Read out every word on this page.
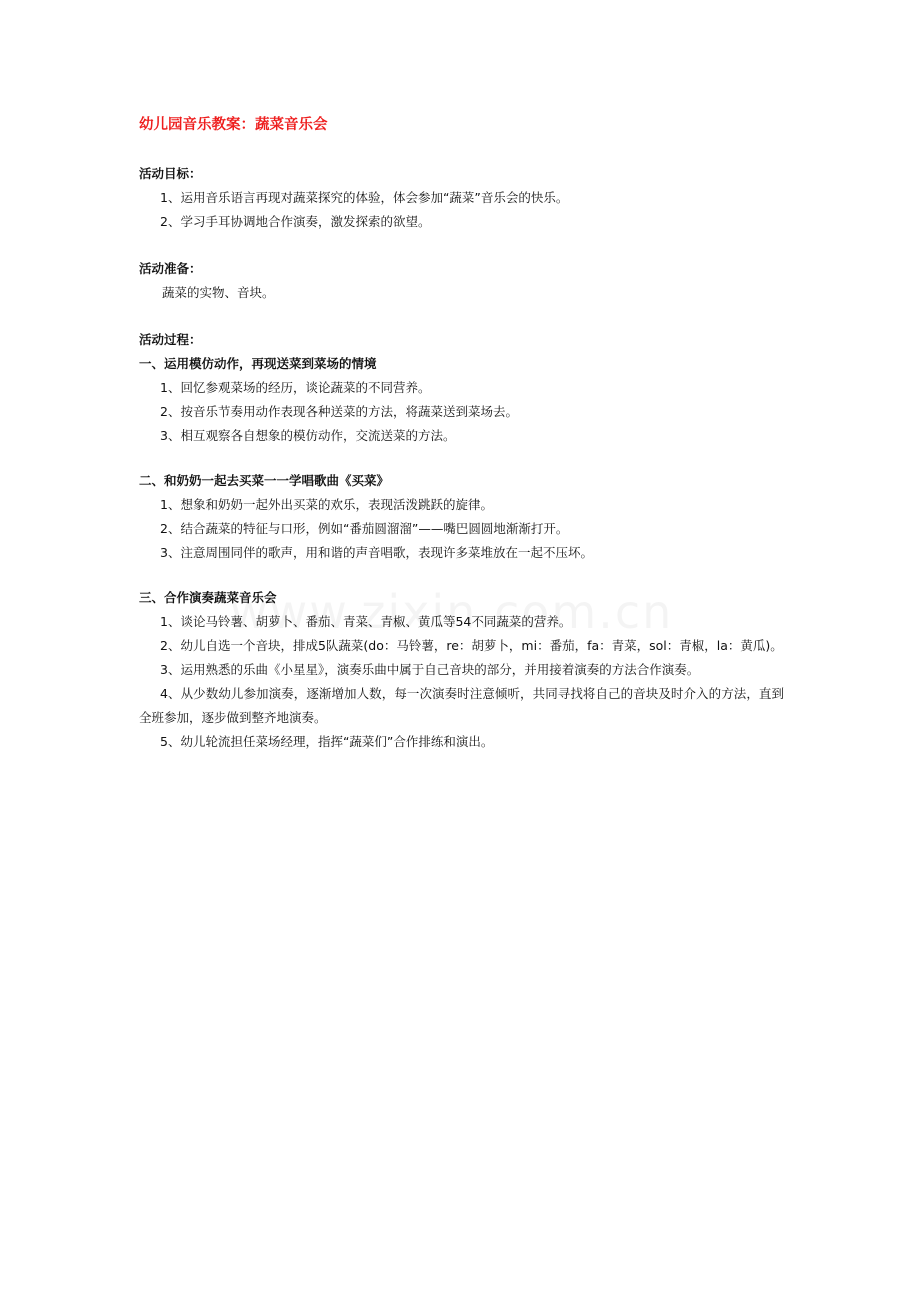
幼儿园音乐教案：蔬菜音乐会

活动目标：

1、运用音乐语言再现对蔬菜探究的体验，体会参加“蔬菜”音乐会的快乐。

2、学习手耳协调地合作演奏，激发探索的欲望。

活动准备：

蔬菜的实物、音块。

活动过程：

一、运用模仿动作，再现送菜到菜场的情境

1、回忆参观菜场的经历，谈论蔬菜的不同营养。

2、按音乐节奏用动作表现各种送菜的方法，将蔬菜送到菜场去。

3、相互观察各自想象的模仿动作，交流送菜的方法。

二、和奶奶一起去买菜一一学唱歌曲《买菜》

1、想象和奶奶一起外出买菜的欢乐，表现活泼跳跃的旋律。

2、结合蔬菜的特征与口形，例如“番茄圆溜溜”——嘴巴圆圆地渐渐打开。

3、注意周围同伴的歌声，用和谐的声音唱歌，表现许多菜堆放在一起不压坏。

三、合作演奏蔬菜音乐会

1、谈论马铃薯、胡萝卜、番茄、青菜、青椒、黄瓜等54不同蔬菜的营养。

2、幼儿自选一个音块，排成5队蔬菜(do：马铃薯，re：胡萝卜，mi：番茄，fa：青菜，sol：青椒，la：黄瓜)。

3、运用熟悉的乐曲《小星星》，演奏乐曲中属于自己音块的部分，并用接着演奏的方法合作演奏。

4、从少数幼儿参加演奏，逐渐增加人数，每一次演奏时注意倾听，共同寻找将自己的音块及时介入的方法，直到全班参加，逐步做到整齐地演奏。

5、幼儿轮流担任菜场经理，指挥“蔬菜们”合作排练和演出。
